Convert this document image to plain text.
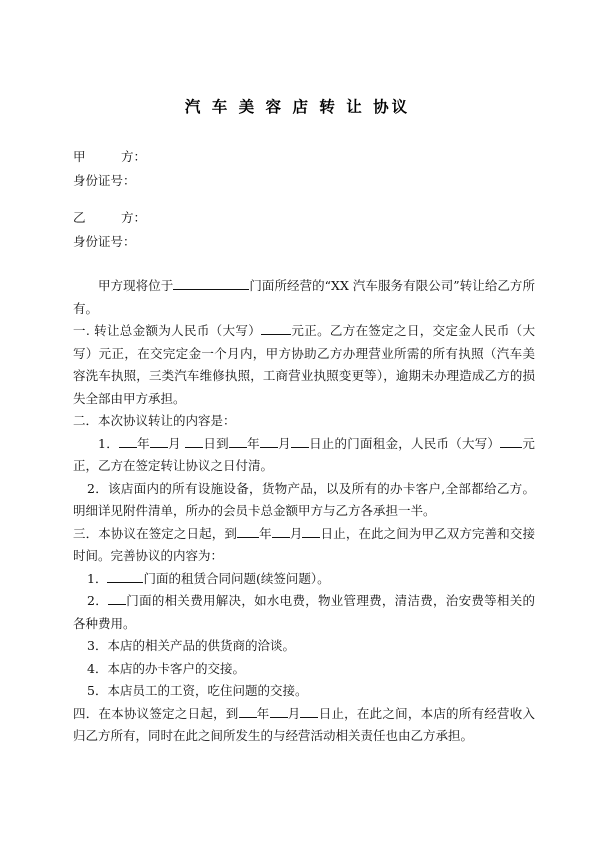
汽 车 美 容 店 转 让 协议
甲	方：
身份证号：
乙	方：
身份证号：

甲方现将位于	门面所经营的“XX 汽车服务有限公司”转让给乙方所有。

一. 转让总金额为人民币（大写） 元正。乙方在签定之日，交定金人民币（大写）元正，在交完定金一个月内，甲方协助乙方办理营业所需的所有执照（汽车美容洗车执照，三类汽车维修执照，工商营业执照变更等），逾期未办理造成乙方的损失全部由甲方承担。

二．本次协议转让的内容是：

1． 年 月 日到 年 月 日止的门面租金，人民币（大写） 元正，乙方在签定转让协议之日付清。

2．该店面内的所有设施设备，货物产品，以及所有的办卡客户,全部都给乙方。明细详见附件清单，所办的会员卡总金额甲方与乙方各承担一半。

三．本协议在签定之日起，到 年 月 日止，在此之间为甲乙双方完善和交接时间。完善协议的内容为：

1．	门面的租赁合同问题(续签问题）。

2． 门面的相关费用解决，如水电费，物业管理费，清洁费，治安费等相关的各种费用。

3．本店的相关产品的供货商的洽谈。

4．本店的办卡客户的交接。

5．本店员工的工资，吃住问题的交接。

四．在本协议签定之日起，到 年 月 日止，在此之间，本店的所有经营收入归乙方所有，同时在此之间所发生的与经营活动相关责任也由乙方承担。
